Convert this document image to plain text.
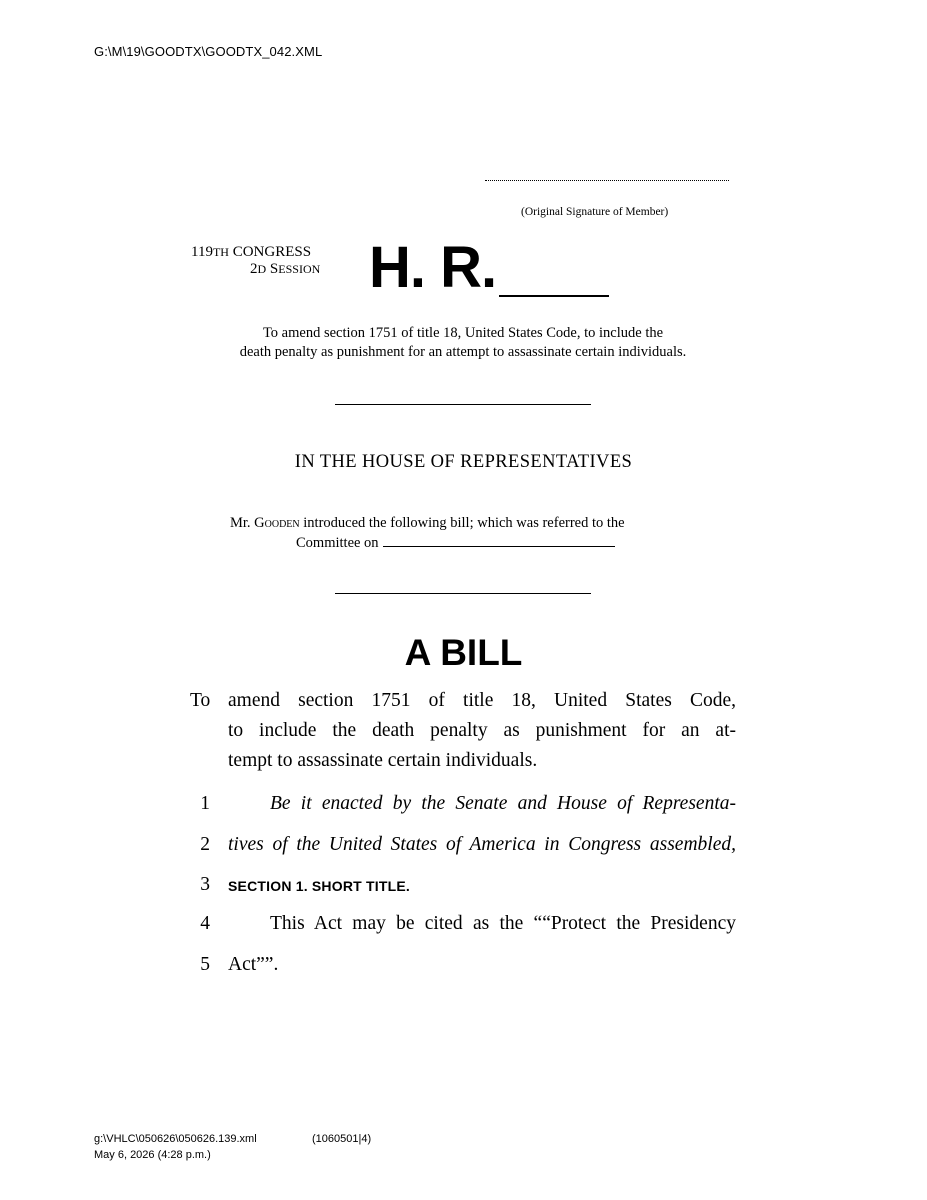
G:\M\19\GOODTX\GOODTX_042.XML
(Original Signature of Member)
119TH CONGRESS
2D SESSION H. R.
To amend section 1751 of title 18, United States Code, to include the
death penalty as punishment for an attempt to assassinate certain individuals.
IN THE HOUSE OF REPRESENTATIVES
Mr. Gooden introduced the following bill; which was referred to the
Committee on
A BILL
To amend section 1751 of title 18, United States Code,
to include the death penalty as punishment for an at-
tempt to assassinate certain individuals.
1	Be it enacted by the Senate and House of Representa-
2 tives of the United States of America in Congress assembled,
3 SECTION 1. SHORT TITLE.
4	This Act may be cited as the ““Protect the Presidency
5 Act””.
g:\VHLC\050626\050626.139.xml	(1060501|4)
May 6, 2026 (4:28 p.m.)
